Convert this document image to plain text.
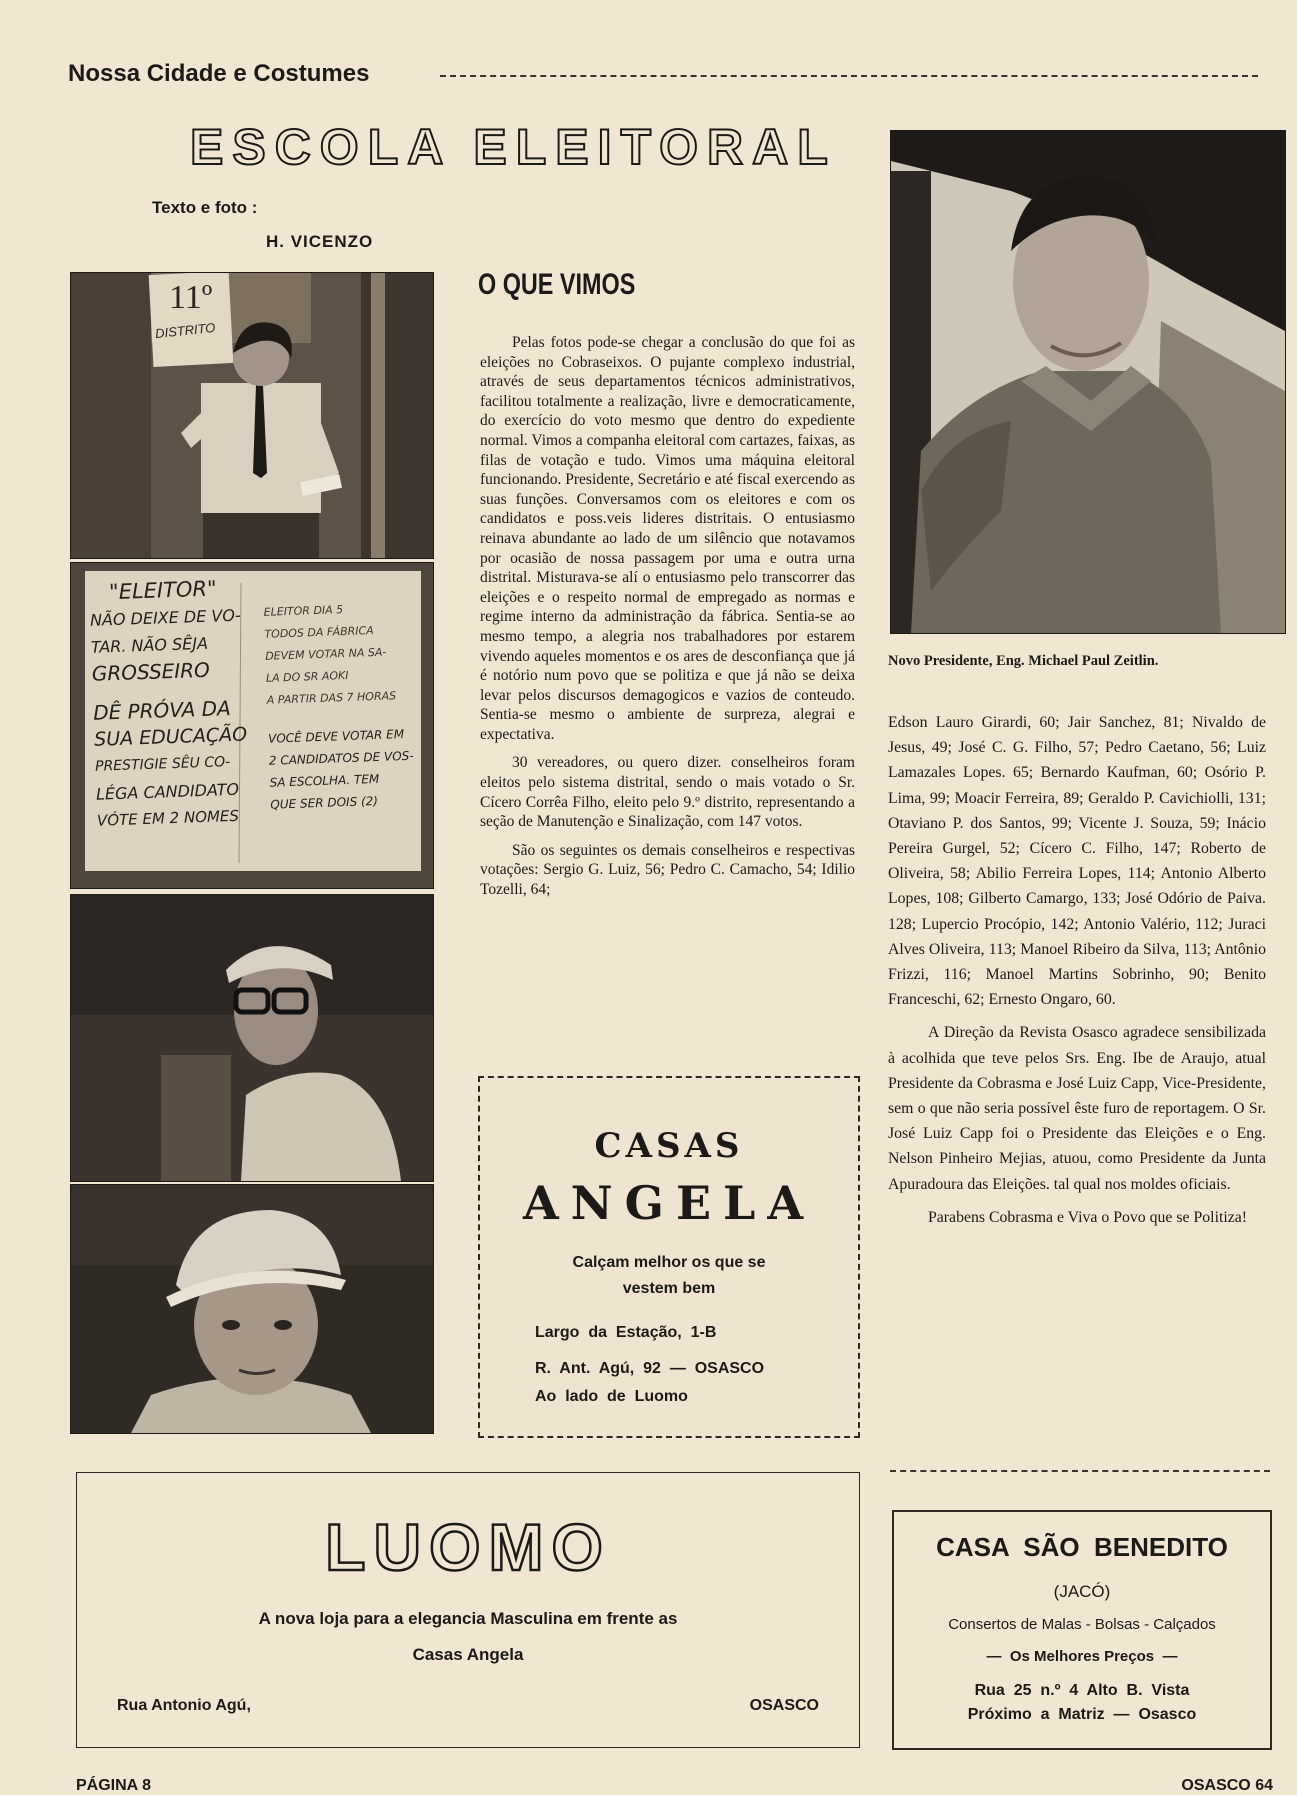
Nossa Cidade e Costumes
ESCOLA ELEITORAL
Texto e foto :
H. VICENZO
11º
DISTRITO
"ELEITOR"
NÃO DEIXE DE VO-
TAR. NÃO SÊJA
GROSSEIRO
DÊ PRÓVA DA
SUA EDUCAÇÃO
PRESTIGIE SÊU CO-
LÉGA CANDIDATO
VÓTE EM 2 NOMES
ELEITOR DIA 5
TODOS DA FÁBRICA
DEVEM VOTAR NA SA-
LA DO SR AOKI
A PARTIR DAS 7 HORAS
VOCÊ DEVE VOTAR EM
2 CANDIDATOS DE VOS-
SA ESCOLHA. TEM
QUE SER DOIS (2)
O QUE VIMOS

Pelas fotos pode-se chegar a conclusão do que foi as eleições no Cobraseixos. O pujante complexo industrial, através de seus departamentos técnicos administrativos, facilitou totalmente a realização, livre e democraticamente, do exercício do voto mesmo que dentro do expediente normal. Vimos a companha eleitoral com cartazes, faixas, as filas de votação e tudo. Vimos uma máquina eleitoral funcionando. Presidente, Secretário e até fiscal exercendo as suas funções. Conversamos com os eleitores e com os candidatos e poss.veis lideres distritais. O entusiasmo reinava abundante ao lado de um silêncio que notavamos por ocasião de nossa passagem por uma e outra urna distrital. Misturava-se alí o entusiasmo pelo transcorrer das eleições e o respeito normal de empregado as normas e regime interno da administração da fábrica. Sentia-se ao mesmo tempo, a alegria nos trabalhadores por estarem vivendo aqueles momentos e os ares de desconfiança que já é notório num povo que se politiza e que já não se deixa levar pelos discursos demagogicos e vazios de conteudo. Sentia-se mesmo o ambiente de surpreza, alegrai e expectativa.

30 vereadores, ou quero dizer. conselheiros foram eleitos pelo sistema distrital, sendo o mais votado o Sr. Cícero Corrêa Filho, eleito pelo 9.º distrito, representando a seção de Manutenção e Sinalização, com 147 votos.

São os seguintes os demais conselheiros e respectivas votações: Sergio G. Luiz, 56; Pedro C. Camacho, 54; Idilio Tozelli, 64;

CASAS
ANGELA
Calçam melhor os que se
vestem bem
Largo  da  Estação,  1-B
R.  Ant.  Agú,  92  —  OSASCO
Ao  lado  de  Luomo
Novo Presidente, Eng. Michael Paul Zeitlin.

Edson Lauro Girardi, 60; Jair Sanchez, 81; Nivaldo de Jesus, 49; José C. G. Filho, 57; Pedro Caetano, 56; Luiz Lamazales Lopes. 65; Bernardo Kaufman, 60; Osório P. Lima, 99; Moacir Ferreira, 89; Geraldo P. Cavichiolli, 131; Otaviano P. dos Santos, 99; Vicente J. Souza, 59; Inácio Pereira Gurgel, 52; Cícero C. Filho, 147; Roberto de Oliveira, 58; Abilio Ferreira Lopes, 114; Antonio Alberto Lopes, 108; Gilberto Camargo, 133; José Odório de Paiva. 128; Lupercio Procópio, 142; Antonio Valério, 112; Juraci Alves Oliveira, 113; Manoel Ribeiro da Silva, 113; Antônio Frizzi, 116; Manoel Martins Sobrinho, 90; Benito Franceschi, 62; Ernesto Ongaro, 60.

A Direção da Revista Osasco agradece sensibilizada à acolhida que teve pelos Srs. Eng. Ibe de Araujo, atual Presidente da Cobrasma e José Luiz Capp, Vice-Presidente, sem o que não seria possível êste furo de reportagem. O Sr. José Luiz Capp foi o Presidente das Eleições e o Eng. Nelson Pinheiro Mejias, atuou, como Presidente da Junta Apuradoura das Eleições. tal qual nos moldes oficiais.

Parabens Cobrasma e Viva o Povo que se Politiza!

LUOMO
A nova loja para a elegancia Masculina em frente as
Casas Angela
Rua Antonio Agú,	OSASCO
CASA  SÃO  BENEDITO
(JACÓ)
Consertos de Malas - Bolsas - Calçados
—  Os Melhores Preços  —
Rua  25  n.º  4  Alto  B.  Vista
Próximo  a  Matriz  —  Osasco
PÁGINA 8	OSASCO 64
